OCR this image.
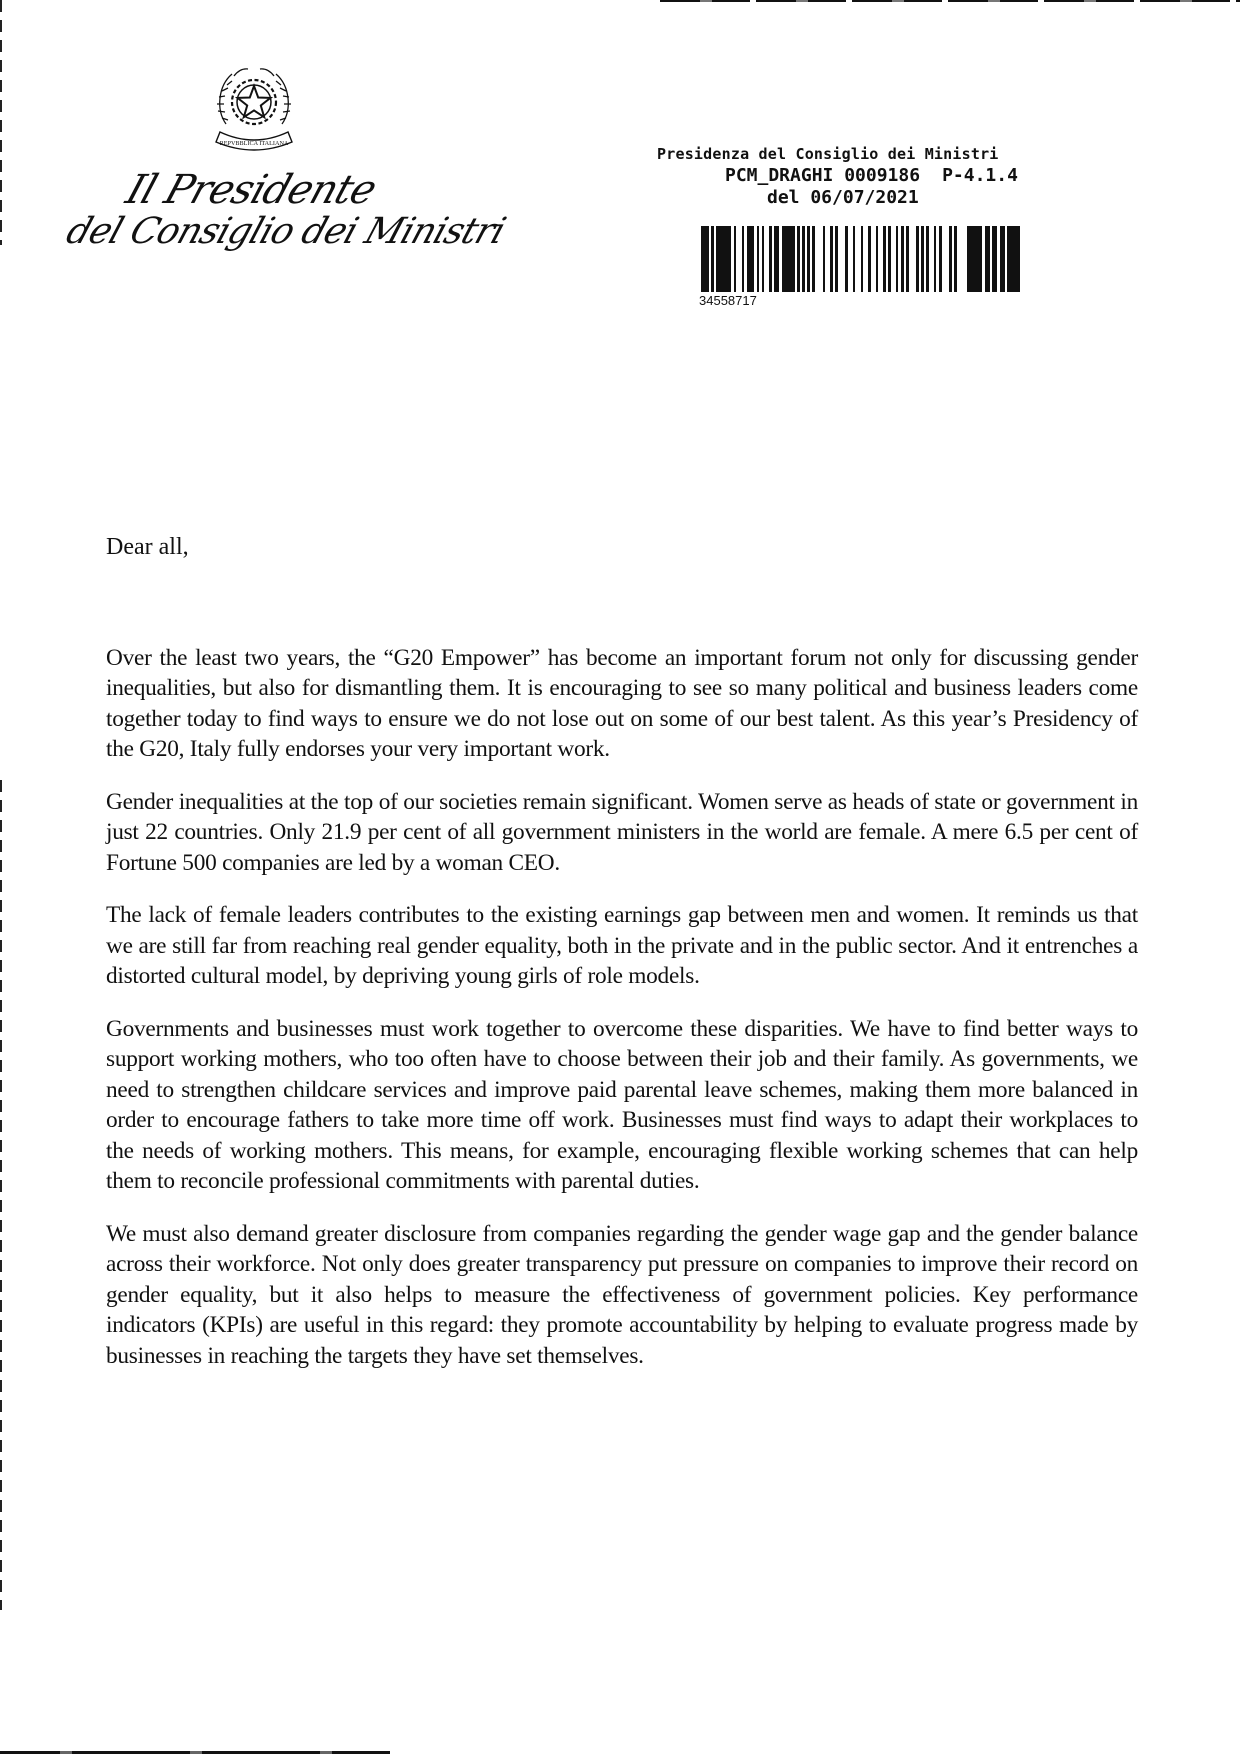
REPVBBLICA ITALIANA
Il Presidente
del Consiglio dei Ministri
Presidenza del Consiglio dei Ministri
PCM_DRAGHI 0009186 P-4.1.4
del 06/07/2021
34558717

Dear all,

Over the least two years, the “G20 Empower” has become an important forum not only for discussing gender inequalities, but also for dismantling them. It is encouraging to see so many political and business leaders come together today to find ways to ensure we do not lose out on some of our best talent. As this year’s Presidency of the G20, Italy fully endorses your very important work.

Gender inequalities at the top of our societies remain significant. Women serve as heads of state or government in just 22 countries. Only 21.9 per cent of all government ministers in the world are female. A mere 6.5 per cent of Fortune 500 companies are led by a woman CEO.

The lack of female leaders contributes to the existing earnings gap between men and women. It reminds us that we are still far from reaching real gender equality, both in the private and in the public sector. And it entrenches a distorted cultural model, by depriving young girls of role models.

Governments and businesses must work together to overcome these disparities. We have to find better ways to support working mothers, who too often have to choose between their job and their family. As governments, we need to strengthen childcare services and improve paid parental leave schemes, making them more balanced in order to encourage fathers to take more time off work. Businesses must find ways to adapt their workplaces to the needs of working mothers. This means, for example, encouraging flexible working schemes that can help them to reconcile professional commitments with parental duties.

We must also demand greater disclosure from companies regarding the gender wage gap and the gender balance across their workforce. Not only does greater transparency put pressure on companies to improve their record on gender equality, but it also helps to measure the effectiveness of government policies. Key performance indicators (KPIs) are useful in this regard: they promote accountability by helping to evaluate progress made by businesses in reaching the targets they have set themselves.
